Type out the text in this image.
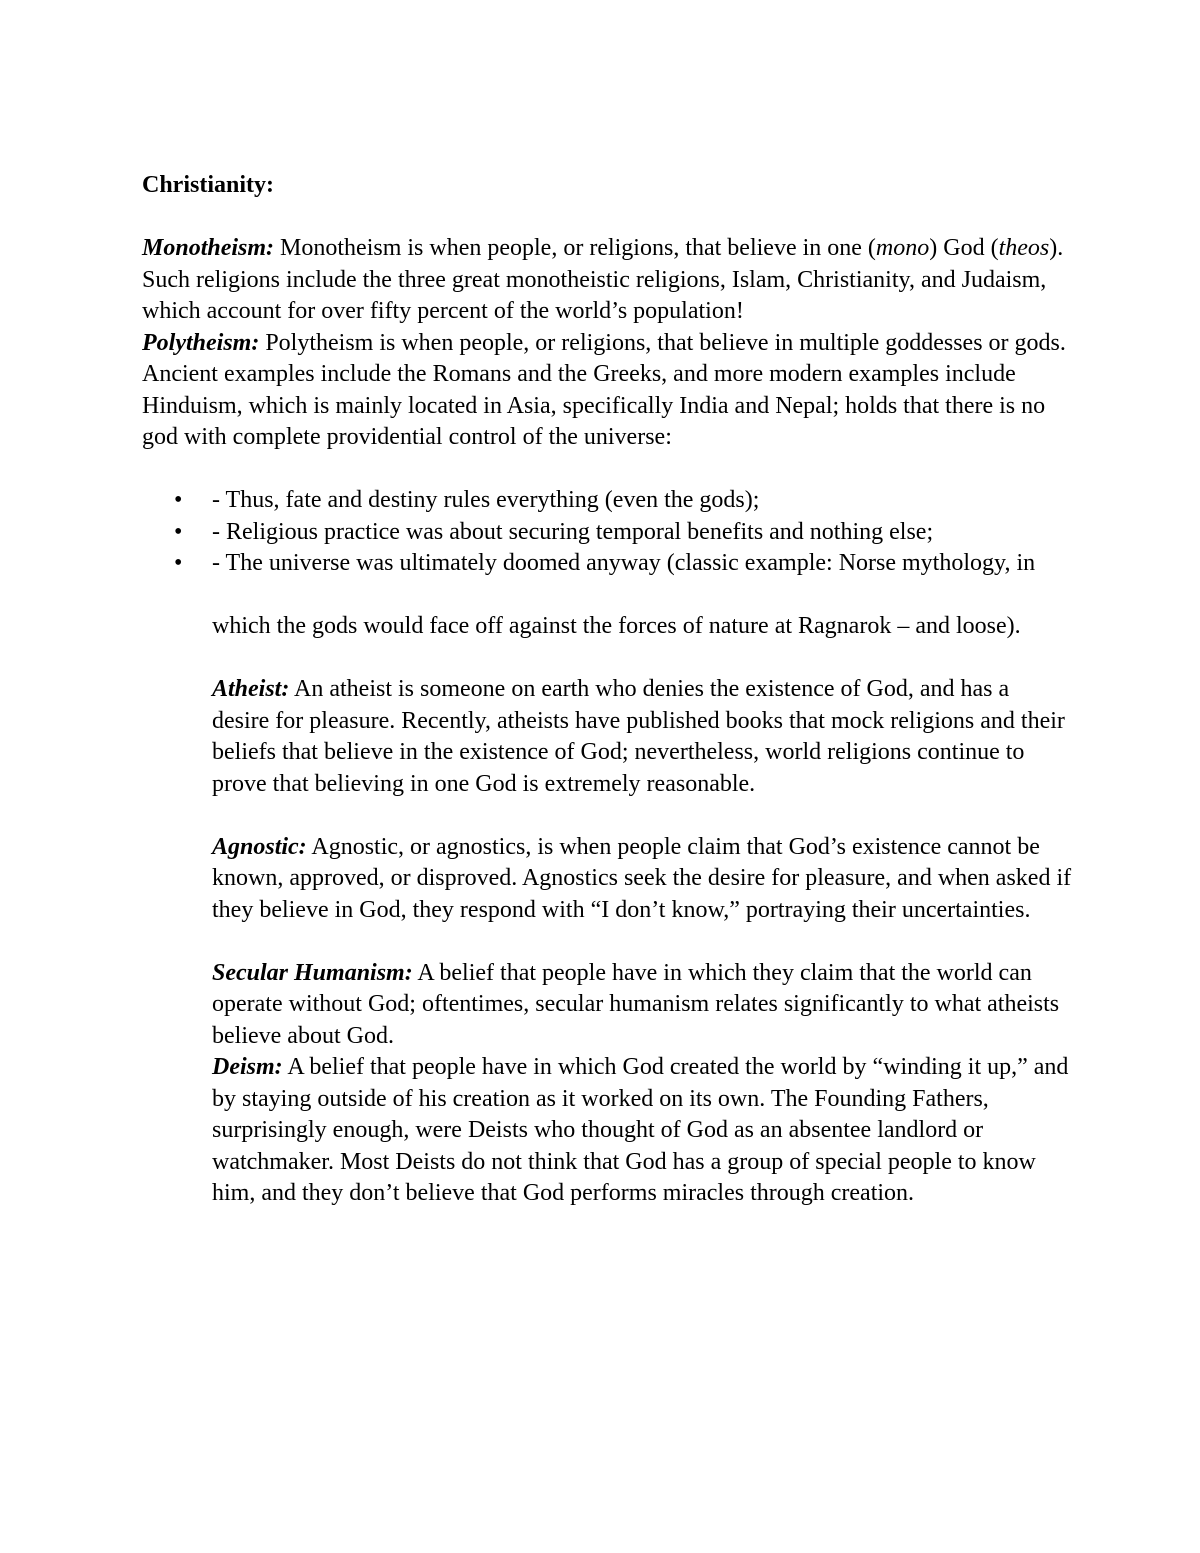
Christianity:

Monotheism: Monotheism is when people, or religions, that believe in one (mono) God (theos). Such religions include the three great monotheistic religions, Islam, Christianity, and Judaism, which account for over fifty percent of the world’s population!

Polytheism: Polytheism is when people, or religions, that believe in multiple goddesses or gods. Ancient examples include the Romans and the Greeks, and more modern examples include Hinduism, which is mainly located in Asia, specifically India and Nepal; holds that there is no god with complete providential control of the universe:

• - Thus, fate and destiny rules everything (even the gods);
• - Religious practice was about securing temporal benefits and nothing else;
• - The universe was ultimately doomed anyway (classic example: Norse mythology, in

which the gods would face off against the forces of nature at Ragnarok – and loose).

Atheist: An atheist is someone on earth who denies the existence of God, and has a desire for pleasure. Recently, atheists have published books that mock religions and their beliefs that believe in the existence of God; nevertheless, world religions continue to prove that believing in one God is extremely reasonable.

Agnostic: Agnostic, or agnostics, is when people claim that God’s existence cannot be known, approved, or disproved. Agnostics seek the desire for pleasure, and when asked if they believe in God, they respond with “I don’t know,” portraying their uncertainties.

Secular Humanism: A belief that people have in which they claim that the world can operate without God; oftentimes, secular humanism relates significantly to what atheists believe about God.

Deism: A belief that people have in which God created the world by “winding it up,” and by staying outside of his creation as it worked on its own. The Founding Fathers, surprisingly enough, were Deists who thought of God as an absentee landlord or watchmaker. Most Deists do not think that God has a group of special people to know him, and they don’t believe that God performs miracles through creation.
